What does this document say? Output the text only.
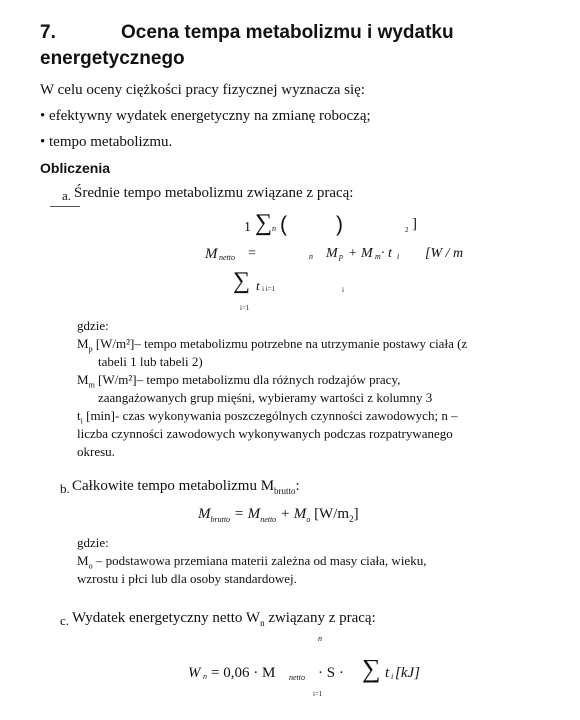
7.	Ocena tempa metabolizmu i wydatku
energetycznego
W celu oceny ciężkości pracy fizycznej wyznacza się:
• efektywny wydatek energetyczny na zmianę roboczą;
• tempo metabolizmu.
Obliczenia
a. Średnie tempo metabolizmu związane z pracą:
1 ∑ n ( )	2 ]
M netto =	n M p + M m · t i [W / m
∑ t i i=1	i
i=1
gdzie:
$M_p$ [W/m²]– tempo metabolizmu potrzebne na utrzymanie postawy ciała (z
tabeli 1 lub tabeli 2)
$M_m$ [W/m²]– tempo metabolizmu dla różnych rodzajów pracy,
zaangażowanych grup mięśni, wybieramy wartości z kolumny 3
$t_i$ [min]- czas wykonywania poszczególnych czynności zawodowych; n –
liczba czynności zawodowych wykonywanych podczas rozpatrywanego
okresu.
b. Całkowite tempo metabolizmu $M_{brutto}$:
$M_{brutto} = M_{netto} + M_o$ $[W/m_2]$
gdzie:
$M_o$ – podstawowa przemiana materii zależna od masy ciała, wieku,
wzrostu i płci lub dla osoby standardowej.
c. Wydatek energetyczny netto $W_n$ związany z pracą:
n
W n = 0,06 · M netto · S · ∑ t i [kJ]
i=1
